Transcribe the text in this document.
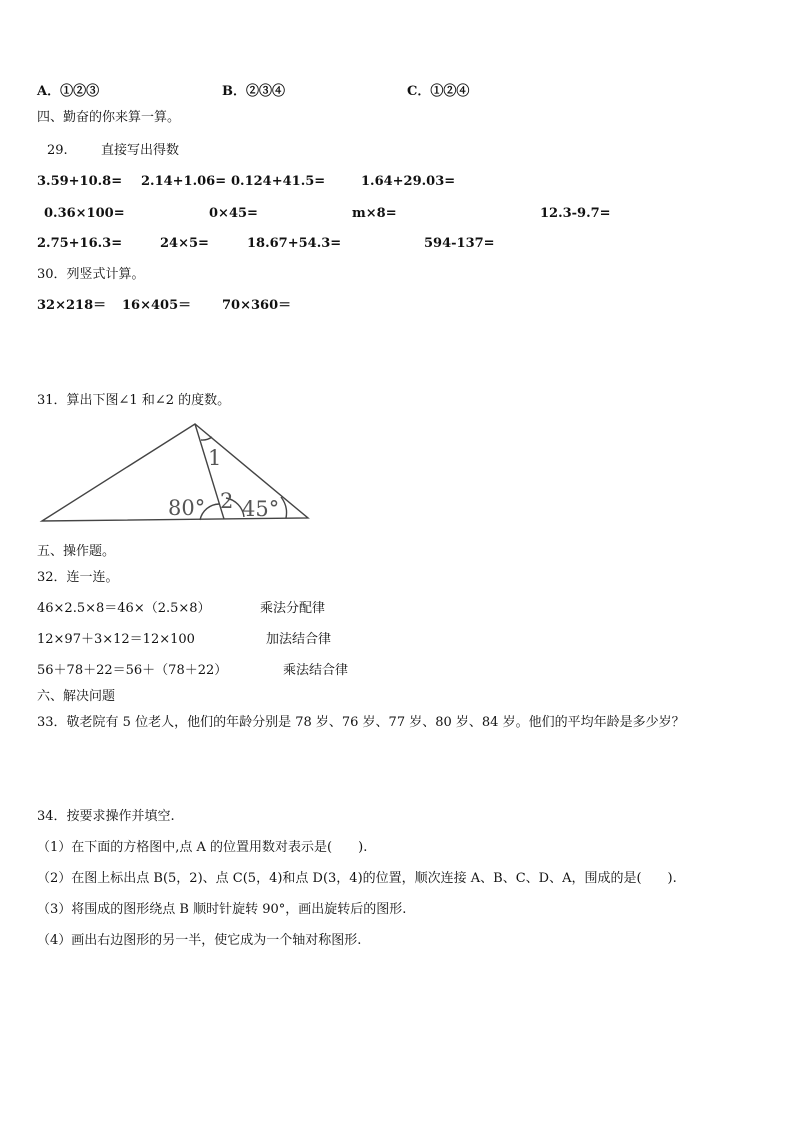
A．①②③	B．②③④	C．①②④
四、勤奋的你来算一算。
29.	直接写出得数
3.59+10.8= 2.14+1.06= 0.124+41.5=	1.64+29.03=
0.36×100=	0×45=	m×8=	12.3-9.7=
2.75+16.3=	24×5=	18.67+54.3=	594-137=
30．列竖式计算。
32×218＝ 16×405＝ 70×360＝
31．算出下图∠1 和∠2 的度数。
1
2
80° 45°
五、操作题。
32．连一连。
46×2.5×8＝46×（2.5×8）
12×97＋3×12＝12×100
56＋78＋22＝56＋（78＋22）
乘法分配律
加法结合律
乘法结合律
六、解决问题
33．敬老院有 5 位老人，他们的年龄分别是 78 岁、76 岁、77 岁、80 岁、84 岁。他们的平均年龄是多少岁？
34．按要求操作并填空.
（1）在下面的方格图中,点 A 的位置用数对表示是(　　).
（2）在图上标出点 B(5，2)、点 C(5，4)和点 D(3，4)的位置，顺次连接 A、B、C、D、A，围成的是(　　).
（3）将围成的图形绕点 B 顺时针旋转 90°，画出旋转后的图形.
（4）画出右边图形的另一半，使它成为一个轴对称图形.
